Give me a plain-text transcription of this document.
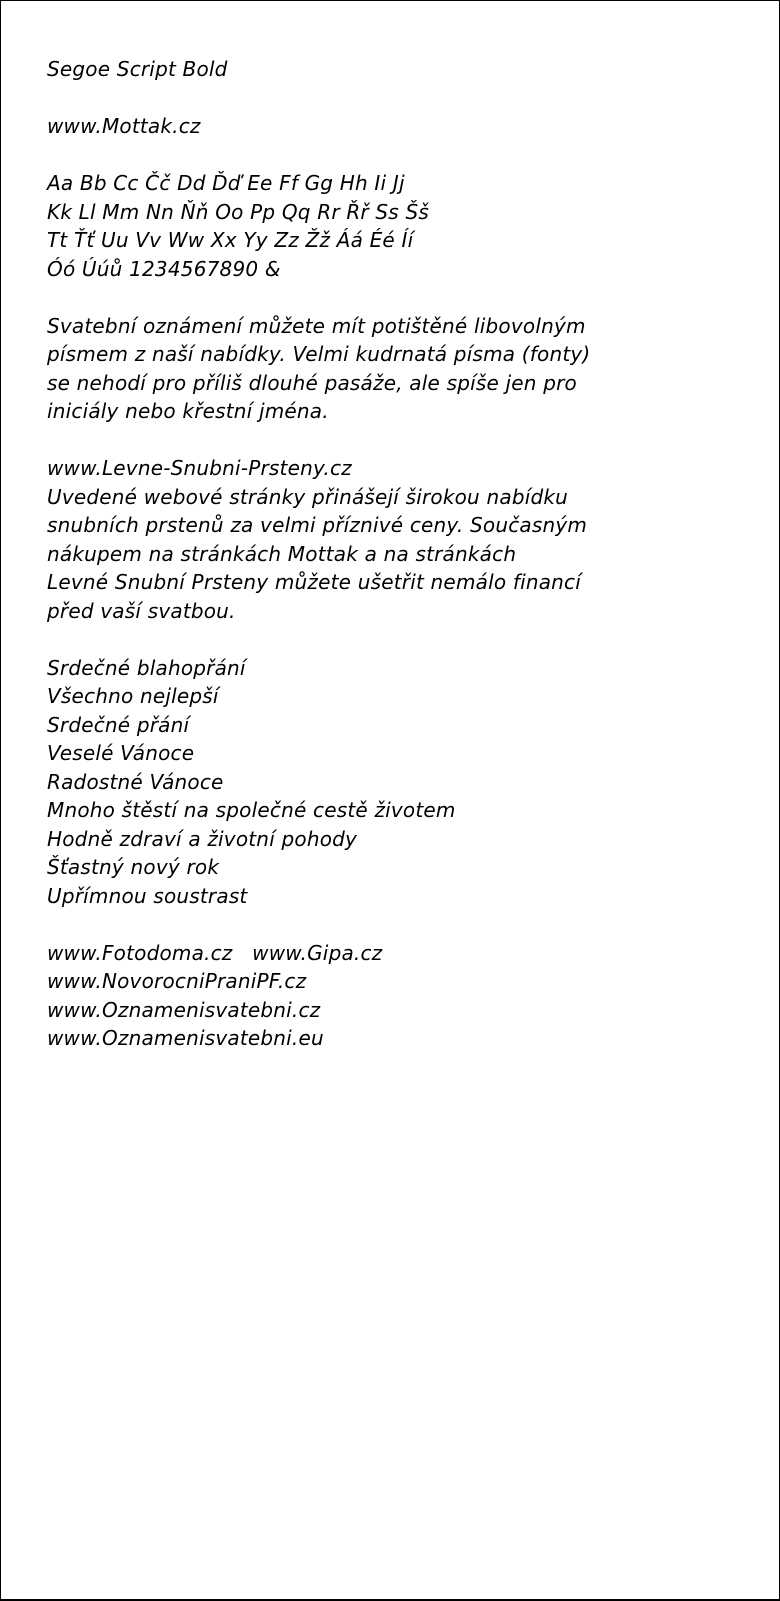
Segoe Script Bold
www.Mottak.cz
Aa Bb Cc Čč Dd Ďď Ee Ff Gg Hh Ii Jj
Kk Ll Mm Nn Ňň Oo Pp Qq Rr Řř Ss Šš
Tt Ťť Uu Vv Ww Xx Yy Zz Žž Áá Éé Íí
Óó Úúů 1234567890 &
Svatební oznámení můžete mít potištěné libovolným
písmem z naší nabídky. Velmi kudrnatá písma (fonty)
se nehodí pro příliš dlouhé pasáže, ale spíše jen pro
iniciály nebo křestní jména.
www.Levne-Snubni-Prsteny.cz
Uvedené webové stránky přinášejí širokou nabídku
snubních prstenů za velmi příznivé ceny. Současným
nákupem na stránkách Mottak a na stránkách
Levné Snubní Prsteny můžete ušetřit nemálo financí
před vaší svatbou.
Srdečné blahopřání
Všechno nejlepší
Srdečné přání
Veselé Vánoce
Radostné Vánoce
Mnoho štěstí na společné cestě životem
Hodně zdraví a životní pohody
Šťastný nový rok
Upřímnou soustrast
www.Fotodoma.cz   www.Gipa.cz
www.NovorocniPraniPF.cz
www.Oznamenisvatebni.cz
www.Oznamenisvatebni.eu
